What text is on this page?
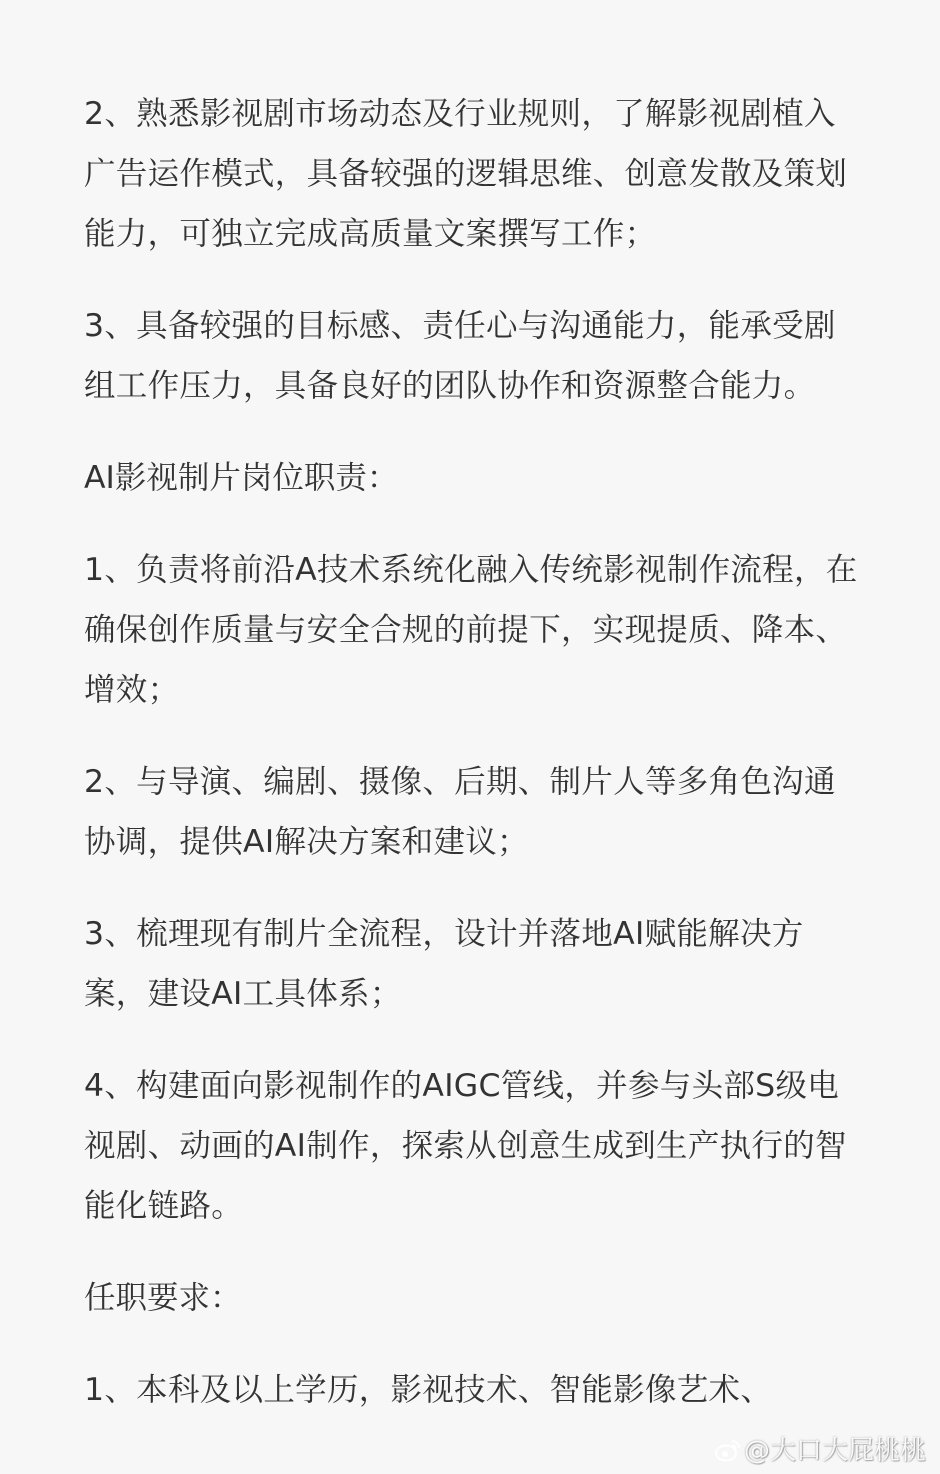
2、熟悉影视剧市场动态及行业规则，了解影视剧植入广告运作模式，具备较强的逻辑思维、创意发散及策划能力，可独立完成高质量文案撰写工作；

3、具备较强的目标感、责任心与沟通能力，能承受剧组工作压力，具备良好的团队协作和资源整合能力。

AI影视制片岗位职责：

1、负责将前沿A技术系统化融入传统影视制作流程，在确保创作质量与安全合规的前提下，实现提质、降本、增效；

2、与导演、编剧、摄像、后期、制片人等多角色沟通协调，提供AI解决方案和建议；

3、梳理现有制片全流程，设计并落地AI赋能解决方案，建设AI工具体系；

4、构建面向影视制作的AIGC管线，并参与头部S级电视剧、动画的AI制作，探索从创意生成到生产执行的智能化链路。

任职要求：

1、本科及以上学历，影视技术、智能影像艺术、

@大口大屁桃桃
